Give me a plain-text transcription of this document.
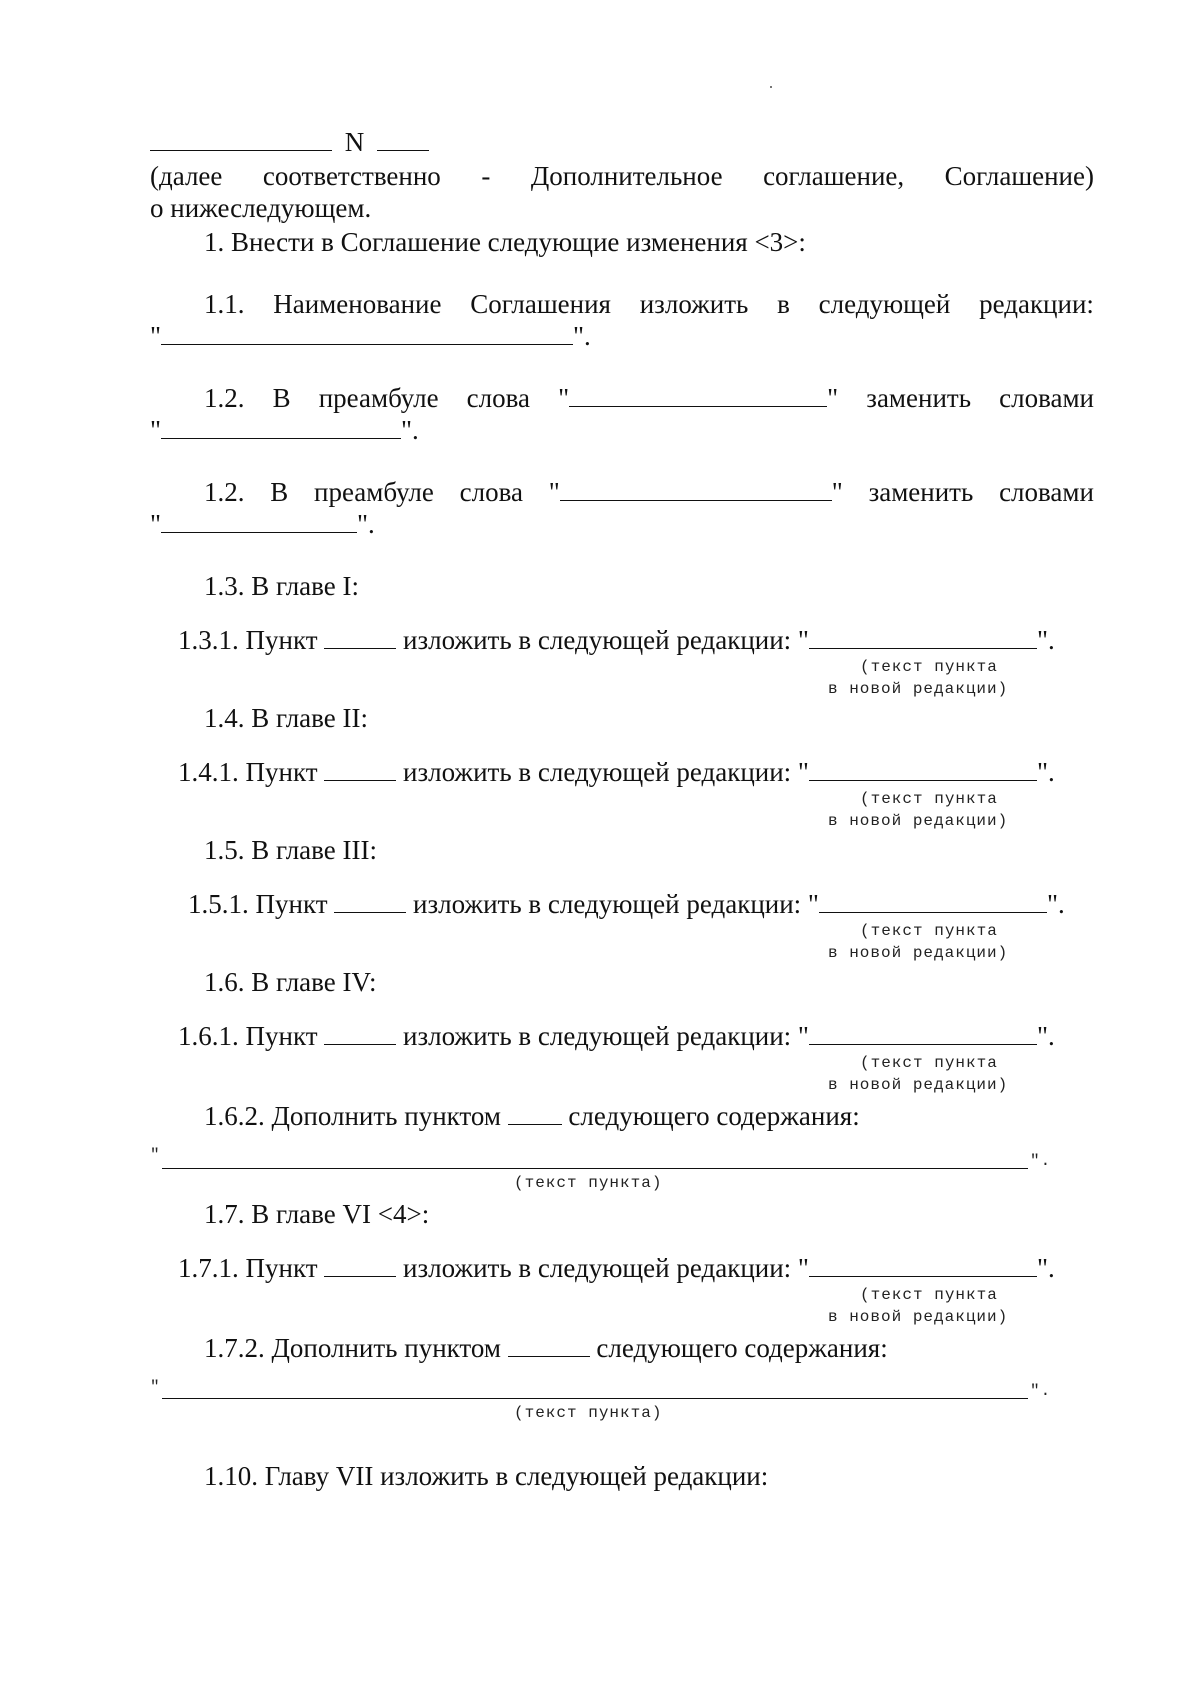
N
(далее соответственно - Дополнительное соглашение, Соглашение)
о нижеследующем.
1. Внести в Соглашение следующие изменения <3>:
1.1. Наименование Соглашения изложить в следующей редакции:
"	".
1.2. В преамбуле слова "	" заменить словами
"	".
1.2. В преамбуле слова "	" заменить словами
"	".
1.3. В главе I:
1.3.1. Пункт	изложить в следующей редакции: "	".
(текст пункта
в новой редакции)
1.4. В главе II:
1.4.1. Пункт	изложить в следующей редакции: "	".
(текст пункта
в новой редакции)
1.5. В главе III:
1.5.1. Пункт	изложить в следующей редакции: "	".
(текст пункта
в новой редакции)
1.6. В главе IV:
1.6.1. Пункт	изложить в следующей редакции: "	".
(текст пункта
в новой редакции)
1.6.2. Дополнить пунктом	следующего содержания:
"	".
(текст пункта)
1.7. В главе VI <4>:
1.7.1. Пункт	изложить в следующей редакции: "	".
(текст пункта
в новой редакции)
1.7.2. Дополнить пунктом	следующего содержания:
"	".
(текст пункта)
1.10. Главу VII изложить в следующей редакции:
